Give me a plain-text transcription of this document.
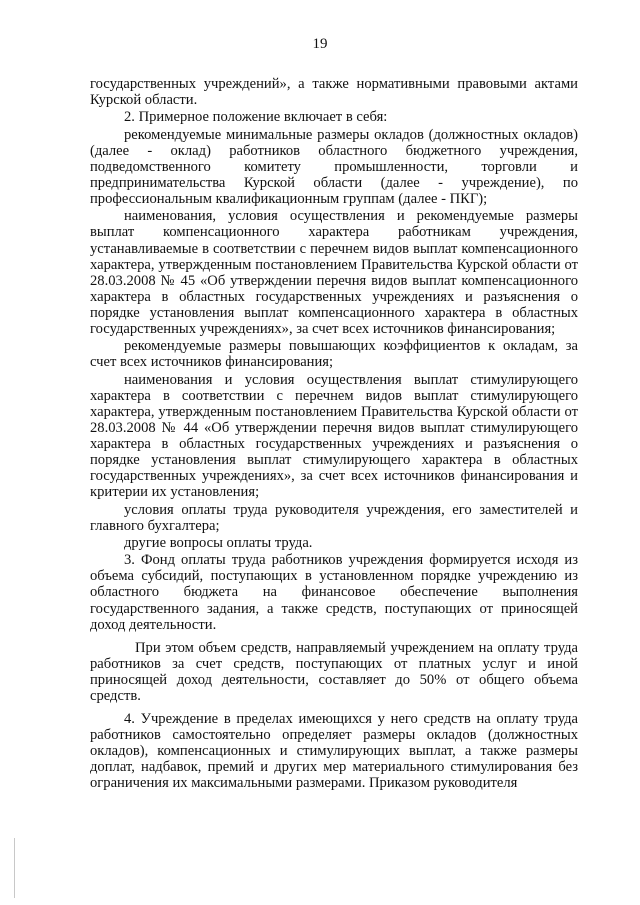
19

государственных учреждений», а также нормативными правовыми актами Курской области.

2. Примерное положение включает в себя:

рекомендуемые минимальные размеры окладов (должностных окладов) (далее - оклад) работников областного бюджетного учреждения, подведомственного комитету промышленности, торговли и предпринимательства Курской области (далее - учреждение), по профессиональным квалификационным группам (далее - ПКГ);

наименования, условия осуществления и рекомендуемые размеры выплат компенсационного характера работникам учреждения, устанавливаемые в соответствии с перечнем видов выплат компенсационного характера, утвержденным постановлением Правительства Курской области от 28.03.2008 № 45 «Об утверждении перечня видов выплат компенсационного характера в областных государственных учреждениях и разъяснения о порядке установления выплат компенсационного характера в областных государственных учреждениях», за счет всех источников финансирования;

рекомендуемые размеры повышающих коэффициентов к окладам, за счет всех источников финансирования;

наименования и условия осуществления выплат стимулирующего характера в соответствии с перечнем видов выплат стимулирующего характера, утвержденным постановлением Правительства Курской области от 28.03.2008 № 44 «Об утверждении перечня видов выплат стимулирующего характера в областных государственных учреждениях и разъяснения о порядке установления выплат стимулирующего характера в областных государственных учреждениях», за счет всех источников финансирования и критерии их установления;

условия оплаты труда руководителя учреждения, его заместителей и главного бухгалтера;

другие вопросы оплаты труда.

3. Фонд оплаты труда работников учреждения формируется исходя из объема субсидий, поступающих в установленном порядке учреждению из областного бюджета на финансовое обеспечение выполнения государственного задания, а также средств, поступающих от приносящей доход деятельности.

При этом объем средств, направляемый учреждением на оплату труда работников за счет средств, поступающих от платных услуг и иной приносящей доход деятельности, составляет до 50% от общего объема средств.

4. Учреждение в пределах имеющихся у него средств на оплату труда работников самостоятельно определяет размеры окладов (должностных окладов), компенсационных и стимулирующих выплат, а также размеры доплат, надбавок, премий и других мер материального стимулирования без ограничения их максимальными размерами. Приказом руководителя
